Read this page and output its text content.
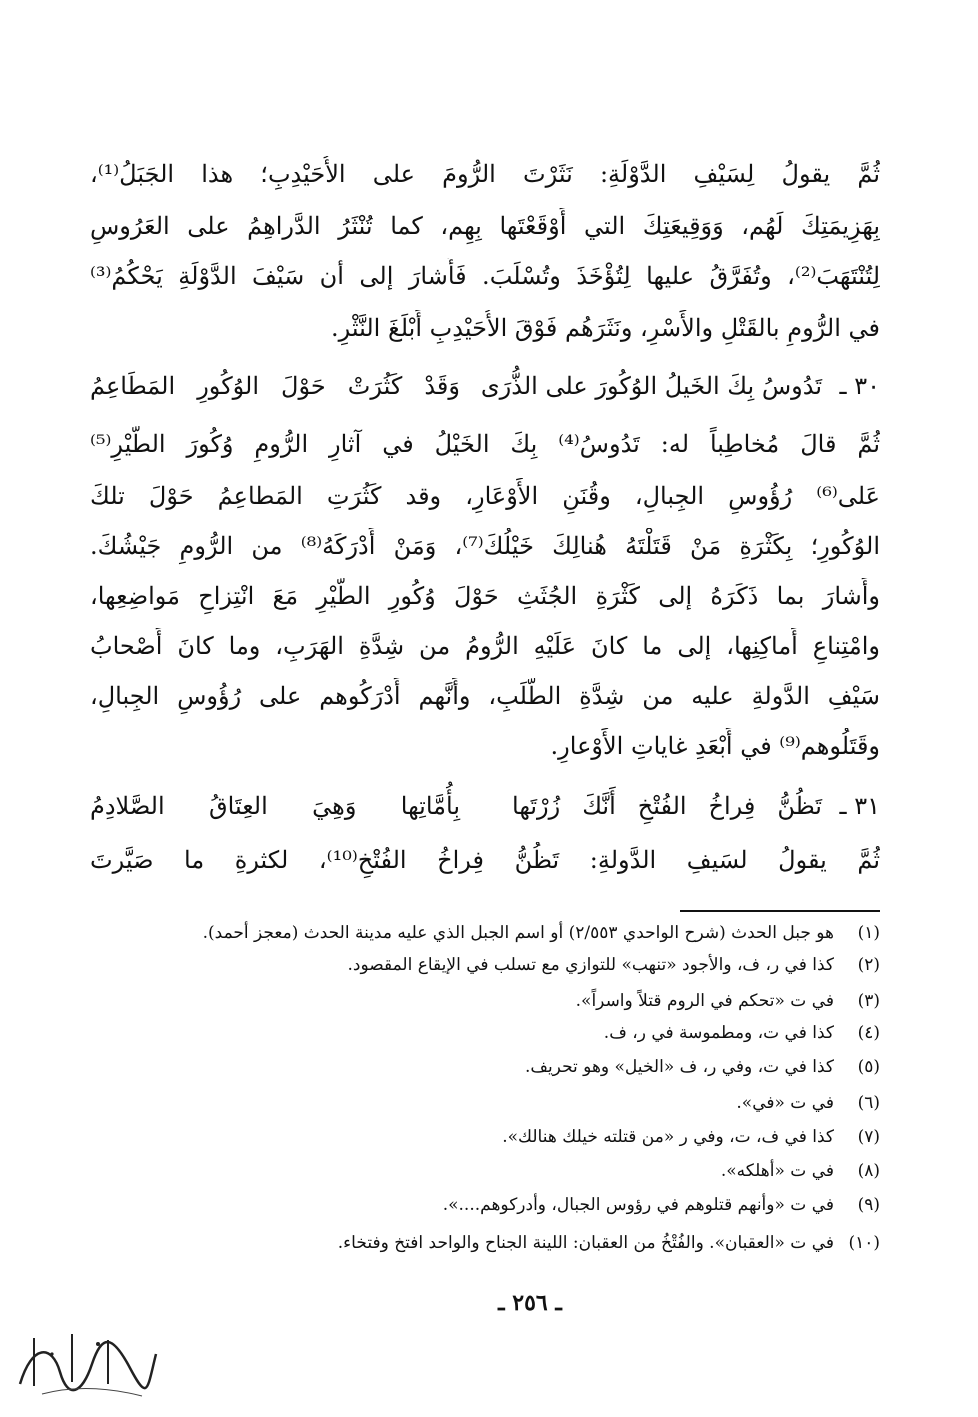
ثُمَّ يقولُ لِسَيْفِ الدَّوْلَةِ: نَثَرْتَ الرُّومَ على الأُحَيْدِبِ؛ هذا الجَبَلُ⁽¹⁾،
بِهَزِيمَتِكَ لَهُم، وَوَقِيعَتِكَ التي أَوْقَعْتَها بِهِم، كما تُنْثَرُ الدَّراهِمُ على العَرُوسِ
لِتُنْتَهَبَ⁽²⁾، وتُفَرَّقُ عليها لِتُؤْخَذَ وتُسْلَبَ. فَأَشارَ إلى أن سَيْفَ الدَّوْلَةِ يَحْكُمُ⁽³⁾
في الرُّومِ بالقَتْلِ والأَسْرِ، ونَثَرَهُم فَوْقَ الأُحَيْدِبِ أَبْلَغَ النَّثْرِ.
٣٠ ـ
تَدُوسُ بِكَ الخَيلُ الوُكُورَ على الذُّرَى
وَقَدْ كَثُرَتْ حَوْلَ الوُكُورِ المَطَاعِمُ
ثُمَّ قالَ مُخاطِباً له: تَدُوسُ⁽⁴⁾ بِكَ الخَيْلُ في آثارِ الرُّومِ وُكُورَ الطَّيْرِ⁽⁵⁾
عَلى⁽⁶⁾ رُؤُوسِ الجِبالِ، وقُنَنِ الأَوْعَارِ، وقد كَثُرَتِ المَطاعِمُ حَوْلَ تلكَ
الوُكُورِ؛ بِكَثْرَةِ مَنْ قَتَلْتَهُ هُنالِكَ خَيْلُكَ⁽⁷⁾، وَمَنْ أَدْرَكَهُ⁽⁸⁾ من الرُّومِ جَيْشُكَ.
وأَشارَ بما ذَكَرَهُ إلى كَثْرَةِ الجُثَثِ حَوْلَ وُكُورِ الطَّيْرِ مَعَ انْتِزاحِ مَواضِعِها،
وامْتِناعِ أَماكِنِها، إلى ما كانَ عَلَيْهِ الرُّومُ من شِدَّةِ الهَرَبِ، وما كانَ أَصْحابُ
سَيْفِ الدَّولةِ عليه من شِدَّةِ الطَّلَبِ، وأَنَّهم أَدْرَكُوهم على رُؤُوسِ الجِبالِ،
وقَتَلُوهم⁽⁹⁾ في أَبْعَدِ غاياتِ الأَوْعارِ.
٣١ ـ
تَظُنُّ فِراخُ الفُتْخِ أَنَّكَ زُرْتَها
بِأُمَّاتِها وَهِيَ العِتَاقُ الصَّلادِمُ
ثُمَّ يقولُ لسَيفِ الدَّولةِ: تَظُنُّ فِراخُ الفُتْخِ⁽¹⁰⁾، لكثرةِ ما صَيَّرتَ
(١)هو جبل الحدث (شرح الواحدي ٢/٥٥٣) أو اسم الجبل الذي عليه مدينة الحدث (معجز أحمد).
(٢)كذا في ر، ف، والأجود «تنهب» للتوازي مع تسلب في الإيقاع المقصود.
(٣)في ت «تحكم في الروم قتلاً واسراً».
(٤)كذا في ت، ومطموسة في ر، ف.
(٥)كذا في ت، وفي ر، ف «الخيل» وهو تحريف.
(٦)في ت «في».
(٧)كذا في ف، ت، وفي ر «من قتلته خيلك هنالك».
(٨)في ت «أهلكه».
(٩)في ت «وأنهم قتلوهم في رؤوس الجبال، وأدركوهم....».
(١٠)في ت «العقبان». والفُتْخُ من العقبان: اللينة الجناح والواحد افتخ وفتخاء.
ـ ٢٥٦ ـ
